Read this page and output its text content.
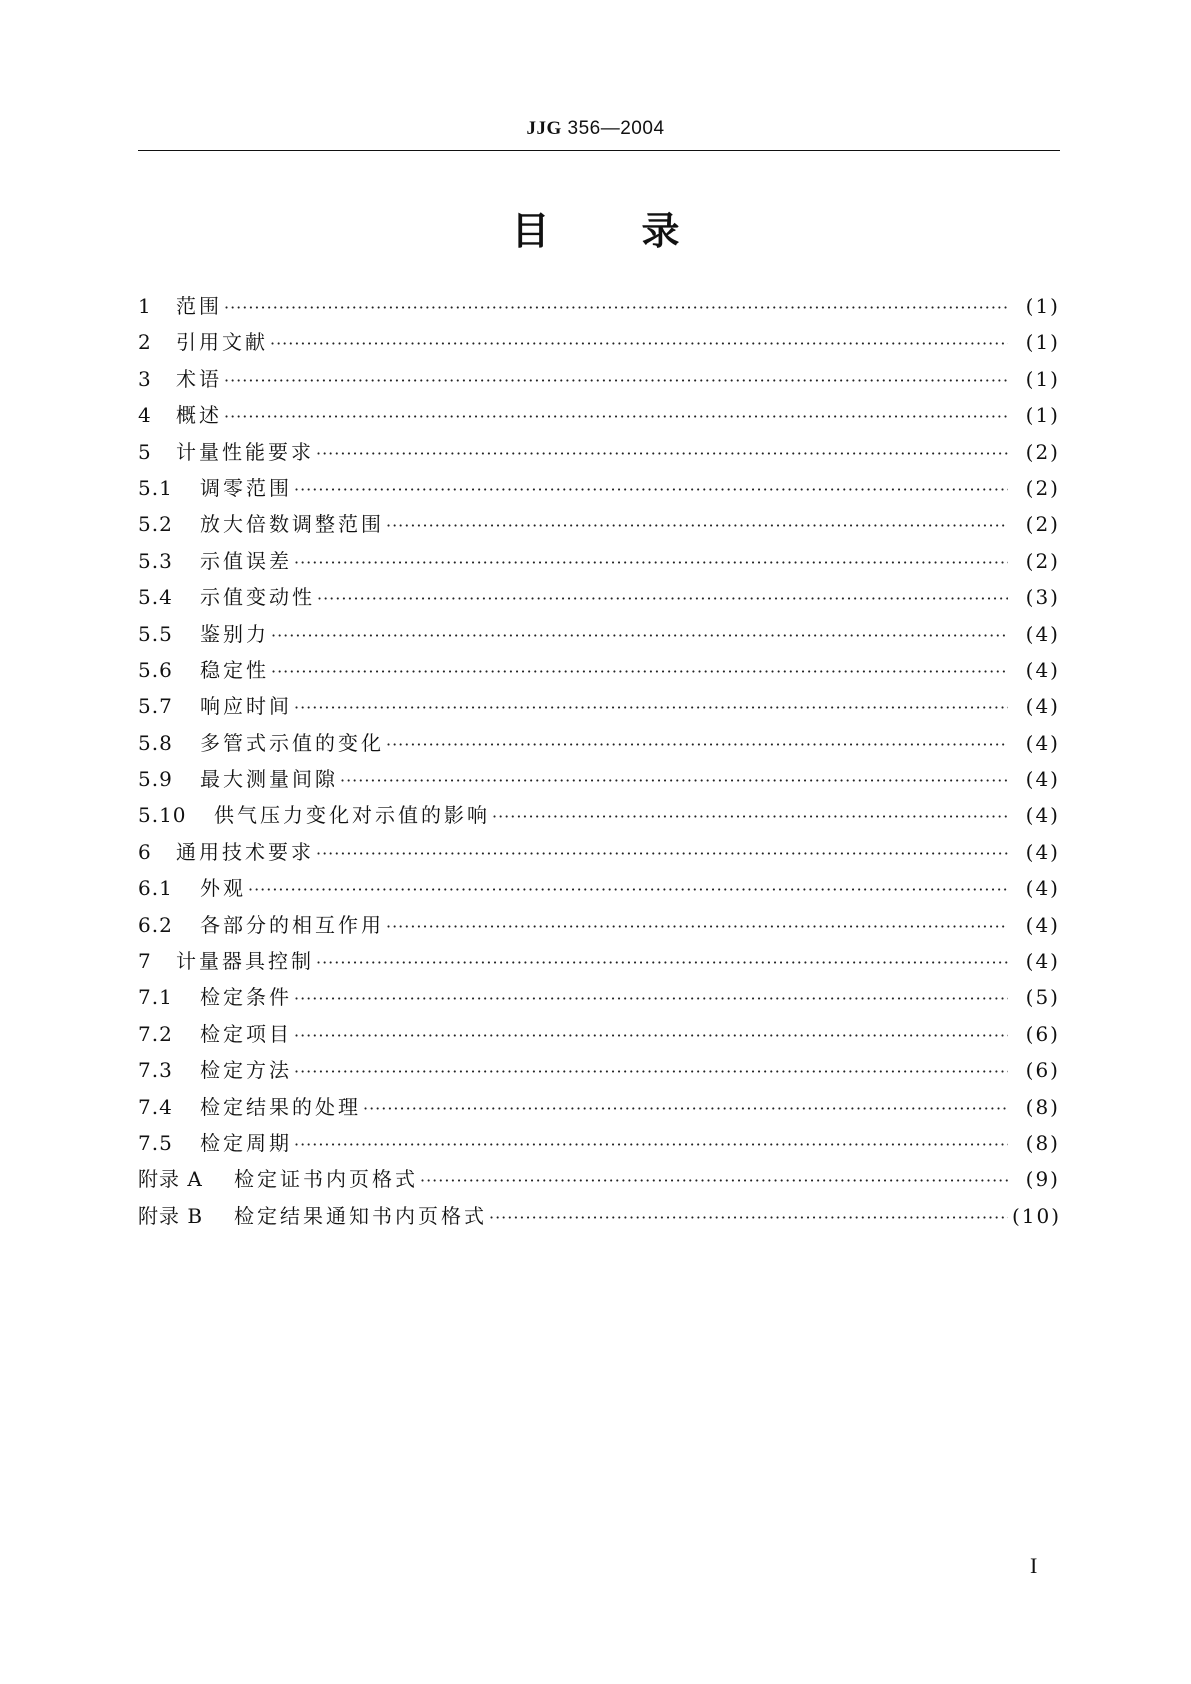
JJG 356—2004
目 录
1	范围 ·····	(1)
2	引用文献 ·····	(1)
3	术语 ·····	(1)
4	概述 ·····	(1)
5	计量性能要求 ·····	(2)
5.1	调零范围 ·····	(2)
5.2	放大倍数调整范围 ·····	(2)
5.3	示值误差 ·····	(2)
5.4	示值变动性 ·····	(3)
5.5	鉴别力 ·····	(4)
5.6	稳定性 ·····	(4)
5.7	响应时间 ·····	(4)
5.8	多管式示值的变化 ·····	(4)
5.9	最大测量间隙 ·····	(4)
5.10	供气压力变化对示值的影响 ·····	(4)
6	通用技术要求 ·····	(4)
6.1	外观 ·····	(4)
6.2	各部分的相互作用 ·····	(4)
7	计量器具控制 ·····	(4)
7.1	检定条件 ·····	(5)
7.2	检定项目 ·····	(6)
7.3	检定方法 ·····	(6)
7.4	检定结果的处理 ·····	(8)
7.5	检定周期 ·····	(8)
附录 A	检定证书内页格式 ·····	(9)
附录 B	检定结果通知书内页格式 ·····	(10)
I
